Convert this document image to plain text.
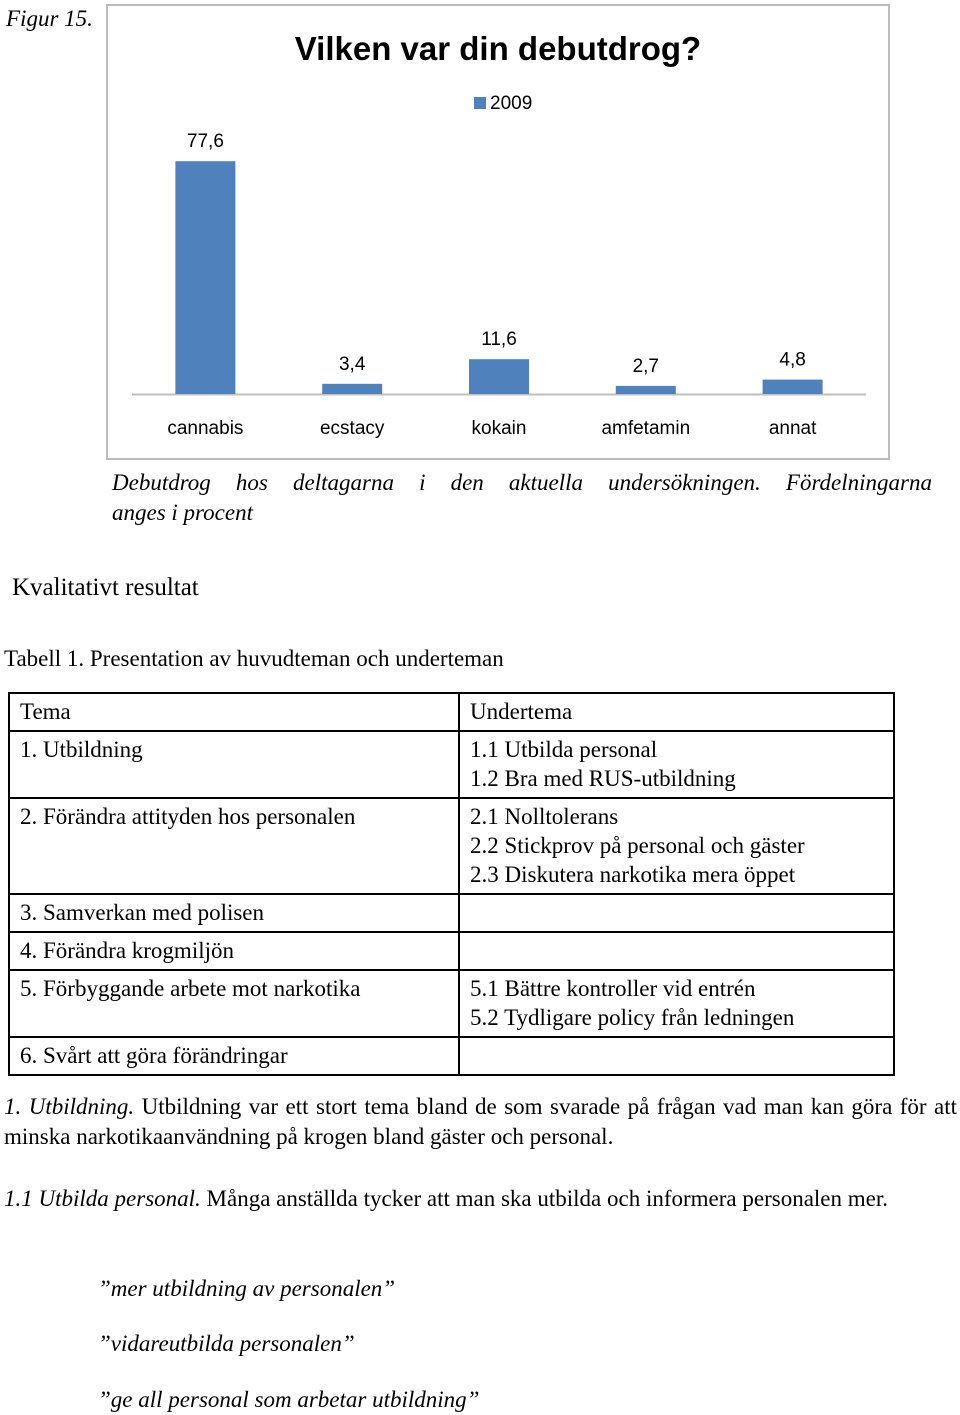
Figur 15.
Vilken var din debutdrog?
2009
77,6
cannabis
3,4
ecstacy
11,6
kokain
2,7
amfetamin
4,8
annat
Debutdrog hos deltagarna i den aktuella undersökningen. Fördelningarna
anges i procent
Kvalitativt resultat
Tabell 1. Presentation av huvudteman och underteman
Tema	Undertema
1. Utbildning	1.1 Utbilda personal
1.2 Bra med RUS-utbildning

2. Förändra attityden hos personalen	2.1 Nolltolerans
2.2 Stickprov på personal och gäster
2.3 Diskutera narkotika mera öppet

3. Samverkan med polisen	
4. Förändra krogmiljön	
5. Förbyggande arbete mot narkotika	5.1 Bättre kontroller vid entrén
5.2 Tydligare policy från ledningen

6. Svårt att göra förändringar	
1. Utbildning. Utbildning var ett stort tema bland de som svarade på frågan vad man kan göra för att minska narkotikaanvändning på krogen bland gäster och personal.
1.1 Utbilda personal. Många anställda tycker att man ska utbilda och informera personalen mer.
”mer utbildning av personalen”
”vidareutbilda personalen”
”ge all personal som arbetar utbildning”
